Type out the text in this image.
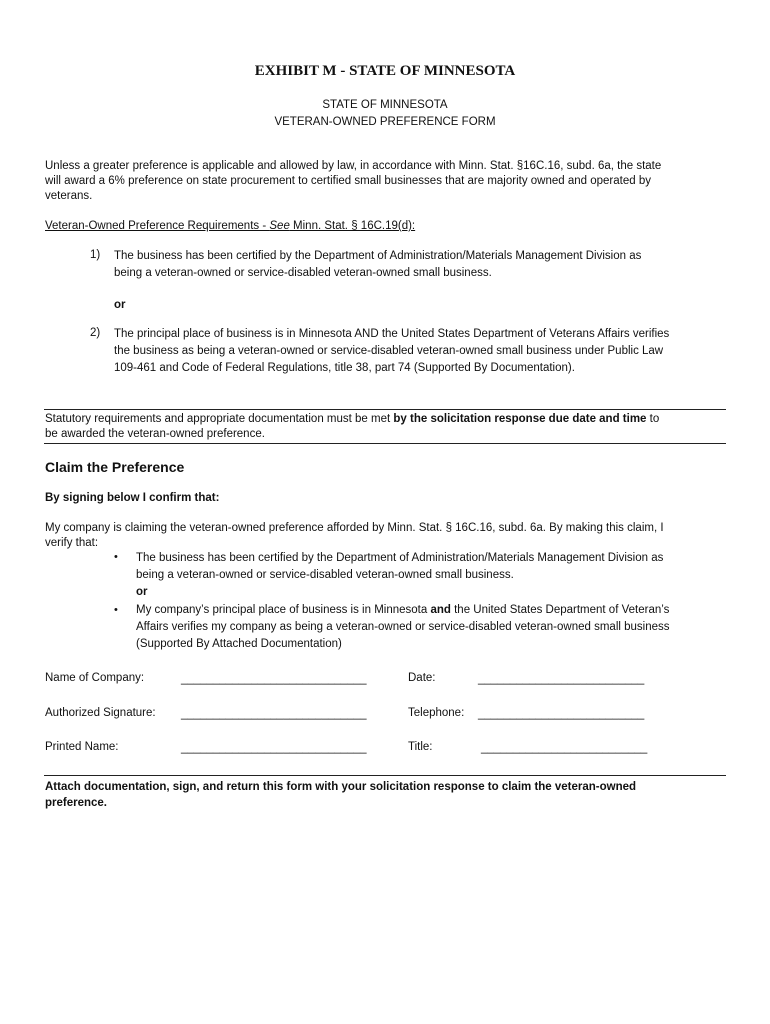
EXHIBIT M - STATE OF MINNESOTA
STATE OF MINNESOTA
VETERAN-OWNED PREFERENCE FORM
Unless a greater preference is applicable and allowed by law, in accordance with Minn. Stat. §16C.16, subd. 6a, the state
will award a 6% preference on state procurement to certified small businesses that are majority owned and operated by
veterans.
Veteran-Owned Preference Requirements - See Minn. Stat. § 16C.19(d):
1) The business has been certified by the Department of Administration/Materials Management Division as
being a veteran-owned or service-disabled veteran-owned small business.
or
2) The principal place of business is in Minnesota AND the United States Department of Veterans Affairs verifies
the business as being a veteran-owned or service-disabled veteran-owned small business under Public Law
109-461 and Code of Federal Regulations, title 38, part 74 (Supported By Documentation).
Statutory requirements and appropriate documentation must be met by the solicitation response due date and time to
be awarded the veteran-owned preference.
Claim the Preference
By signing below I confirm that:
My company is claiming the veteran-owned preference afforded by Minn. Stat. § 16C.16, subd. 6a. By making this claim, I
verify that:
• The business has been certified by the Department of Administration/Materials Management Division as
being a veteran-owned or service-disabled veteran-owned small business.
or
• My company’s principal place of business is in Minnesota and the United States Department of Veteran’s
Affairs verifies my company as being a veteran-owned or service-disabled veteran-owned small business
(Supported By Attached Documentation)
Name of Company:	_____________________________	Date:	__________________________
Authorized Signature: _____________________________	Telephone: __________________________
Printed Name:	_____________________________	Title:	__________________________
Attach documentation, sign, and return this form with your solicitation response to claim the veteran-owned
preference.
